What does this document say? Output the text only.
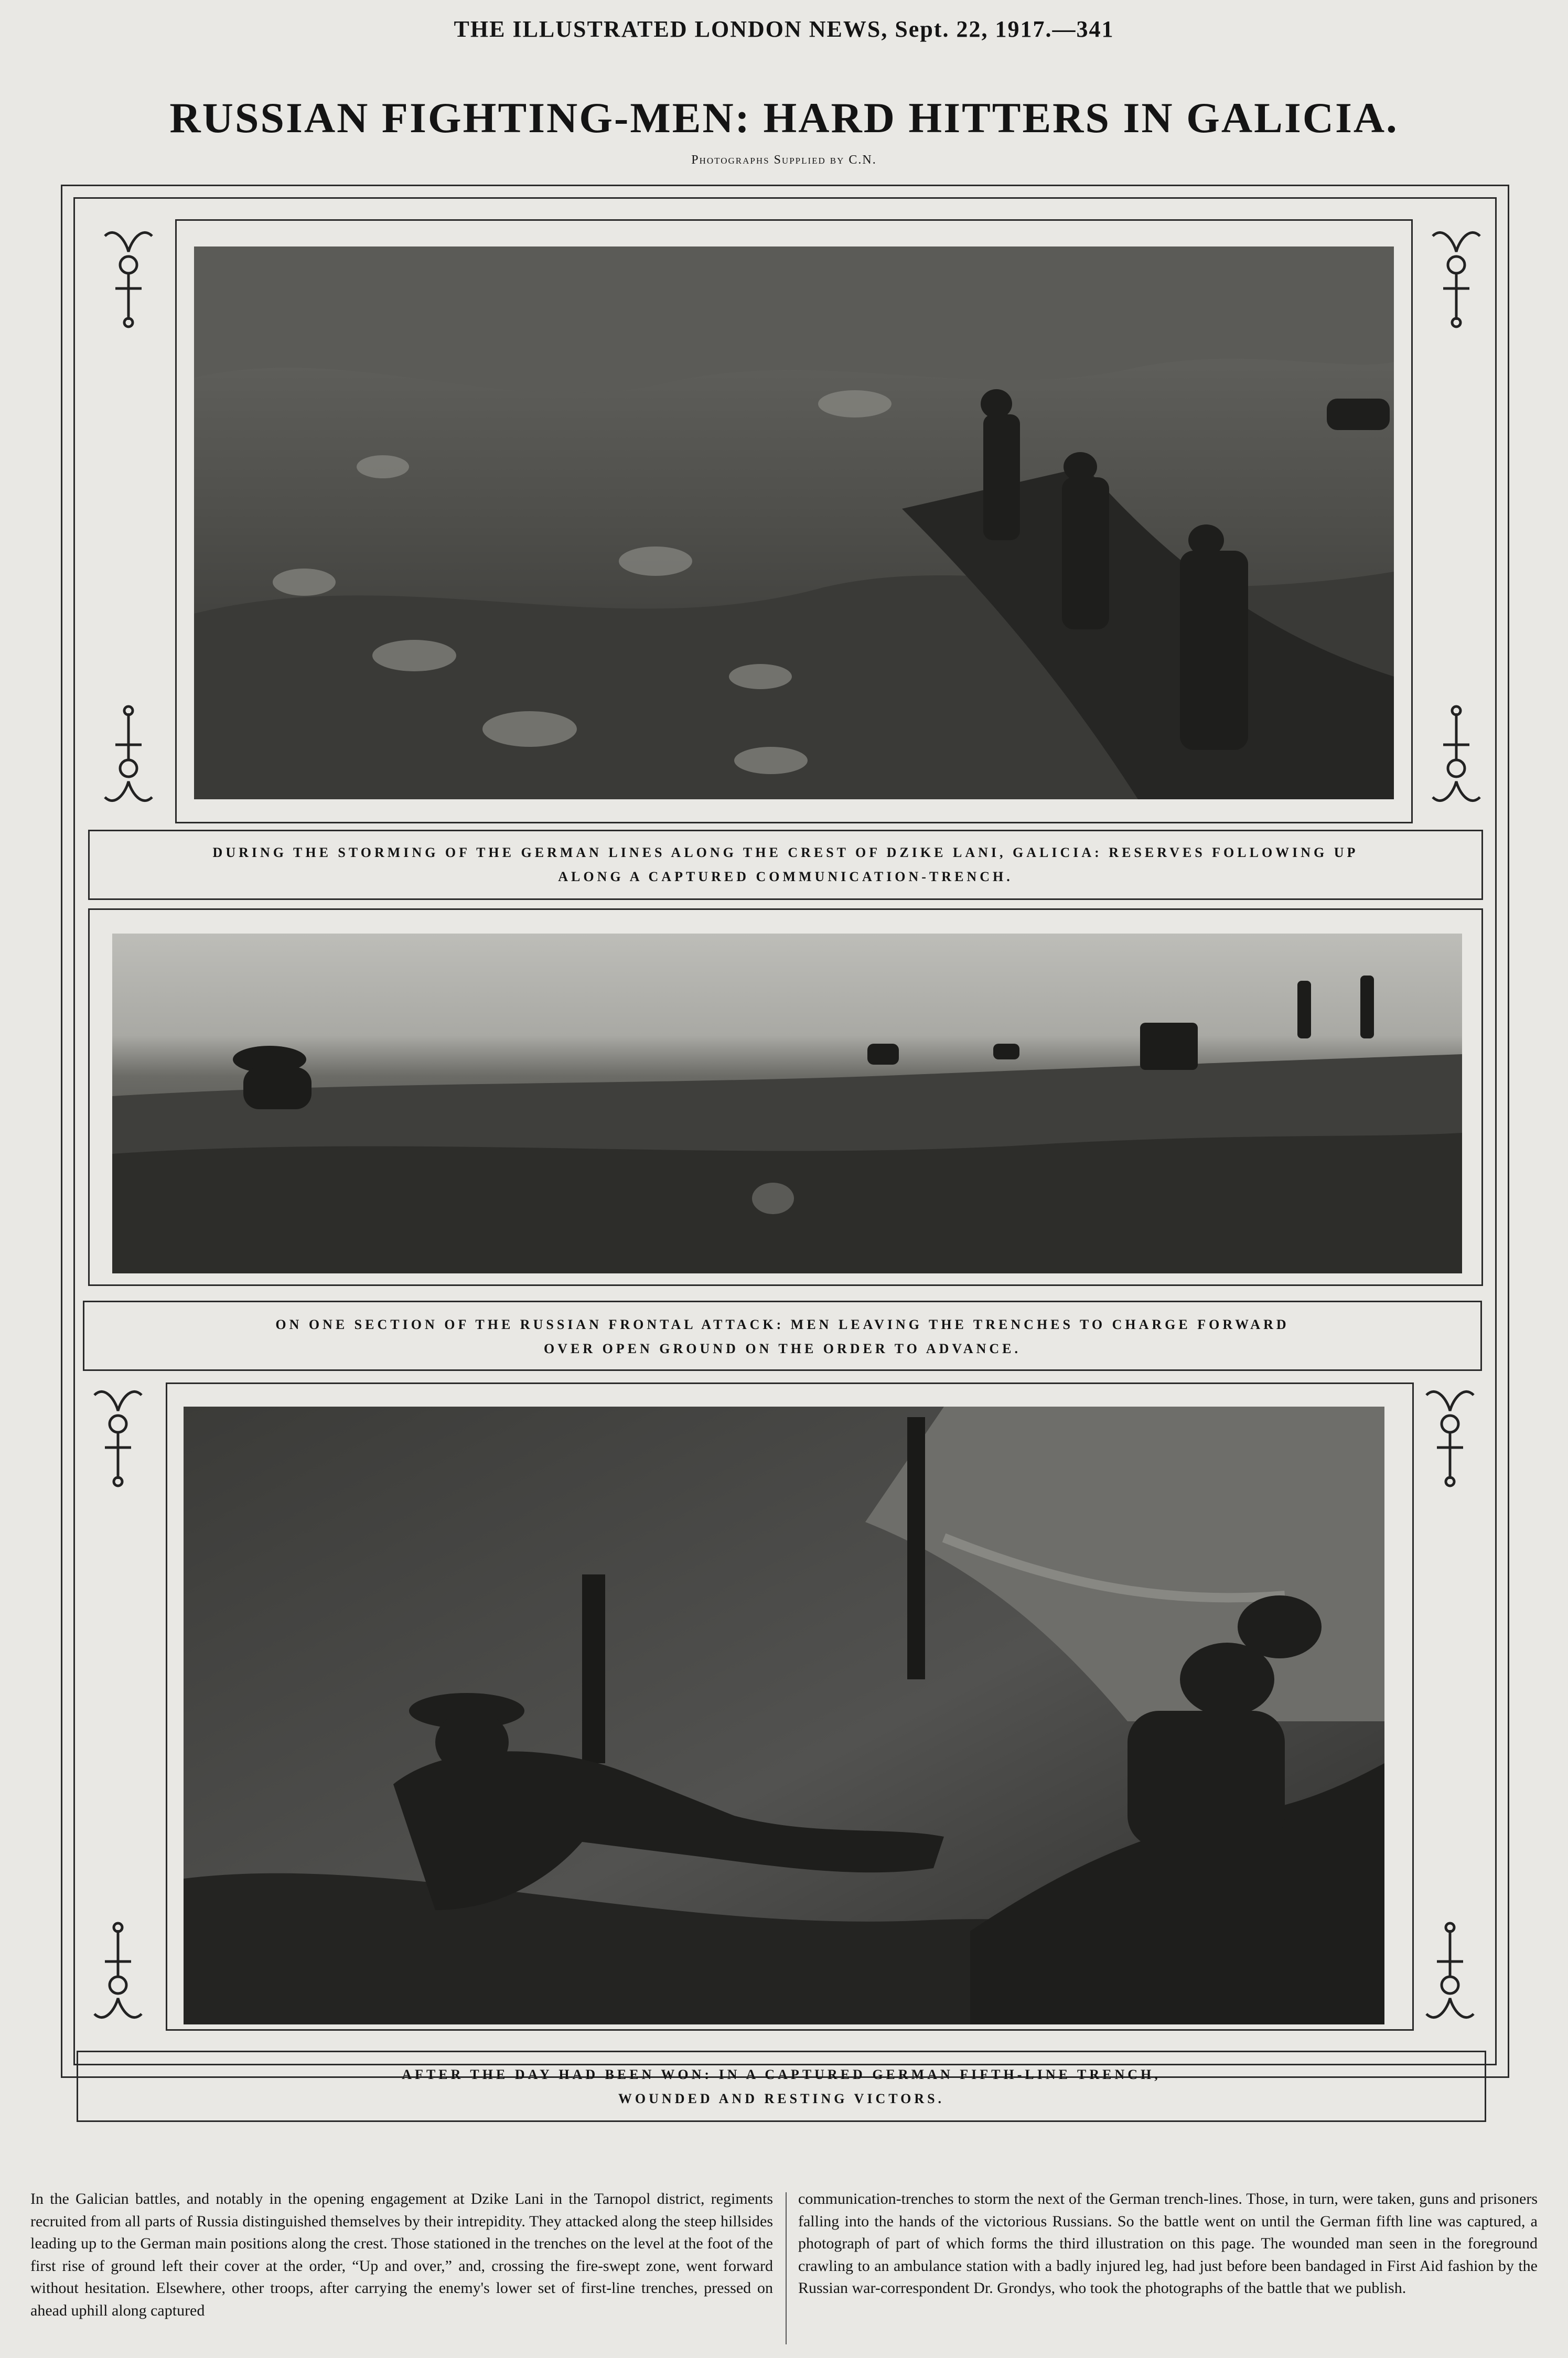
THE ILLUSTRATED LONDON NEWS, Sept. 22, 1917.—341
RUSSIAN FIGHTING-MEN: HARD HITTERS IN GALICIA.
Photographs Supplied by C.N.
DURING THE STORMING OF THE GERMAN LINES ALONG THE CREST OF DZIKE LANI, GALICIA: RESERVES FOLLOWING UP
ALONG A CAPTURED COMMUNICATION-TRENCH.
ON ONE SECTION OF THE RUSSIAN FRONTAL ATTACK: MEN LEAVING THE TRENCHES TO CHARGE FORWARD
OVER OPEN GROUND ON THE ORDER TO ADVANCE.
AFTER THE DAY HAD BEEN WON: IN A CAPTURED GERMAN FIFTH-LINE TRENCH,
WOUNDED AND RESTING VICTORS.
In the Galician battles, and notably in the opening engagement at Dzike Lani in the Tarnopol district, regiments recruited from all parts of Russia distinguished themselves by their intrepidity. They attacked along the steep hillsides leading up to the German main positions along the crest. Those stationed in the trenches on the level at the foot of the first rise of ground left their cover at the order, “Up and over,” and, crossing the fire-swept zone, went forward without hesitation. Elsewhere, other troops, after carrying the enemy's lower set of first-line trenches, pressed on ahead uphill along captured
communication-trenches to storm the next of the German trench-lines. Those, in turn, were taken, guns and prisoners falling into the hands of the victorious Russians. So the battle went on until the German fifth line was captured, a photograph of part of which forms the third illustration on this page. The wounded man seen in the foreground crawling to an ambulance station with a badly injured leg, had just before been bandaged in First Aid fashion by the Russian war-correspondent Dr. Grondys, who took the photographs of the battle that we publish.
